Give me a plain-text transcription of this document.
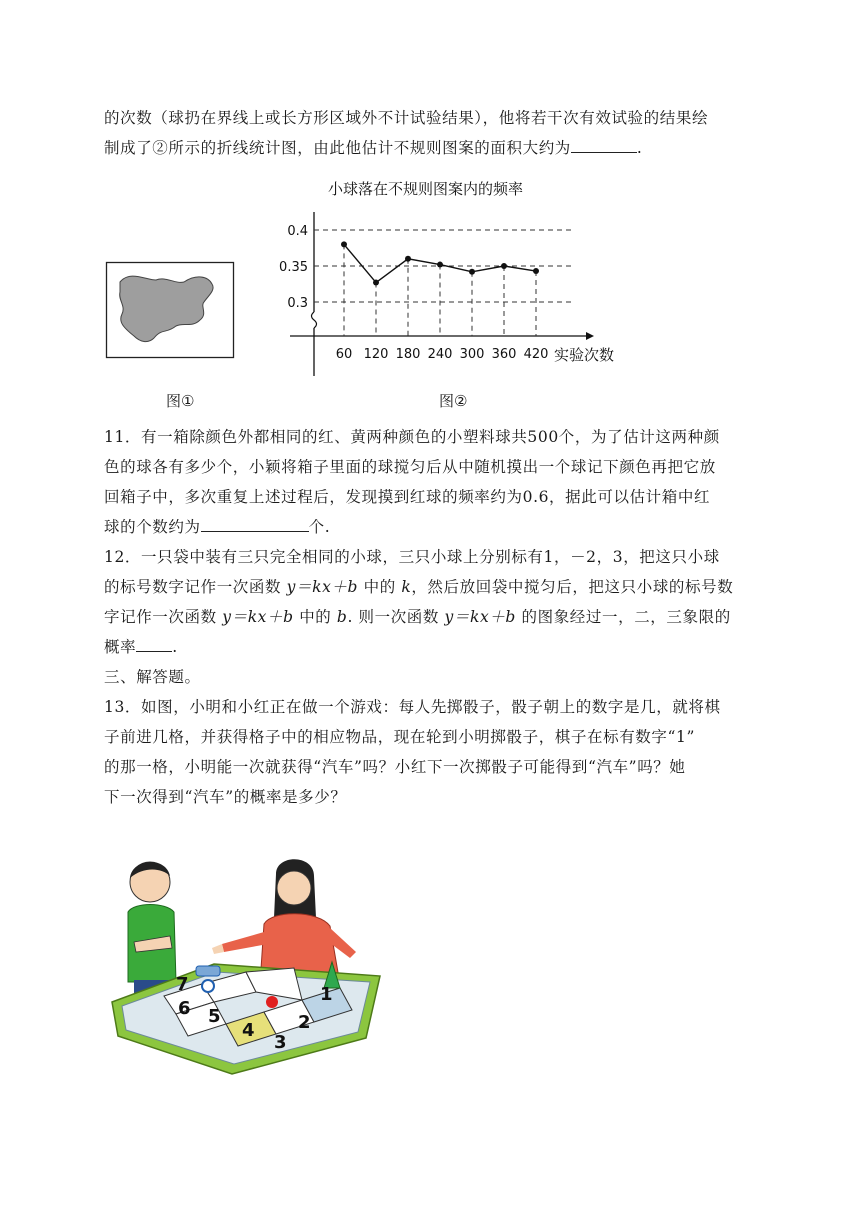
的次数（球扔在界线上或长方形区域外不计试验结果），他将若干次有效试验的结果绘
制成了②所示的折线统计图，由此他估计不规则图案的面积大约为	.
图①
小球落在不规则图案内的频率
0.4
0.35
0.3
60 120 180 240 300 360 420 实验次数
图②
11．有一箱除颜色外都相同的红、黄两种颜色的小塑料球共500个，为了估计这两种颜
色的球各有多少个，小颖将箱子里面的球搅匀后从中随机摸出一个球记下颜色再把它放
回箱子中，多次重复上述过程后，发现摸到红球的频率约为0.6，据此可以估计箱中红
球的个数约为	个.
12．一只袋中装有三只完全相同的小球，三只小球上分别标有1，－2，3，把这只小球
的标号数字记作一次函数 y＝kx＋b 中的 k，然后放回袋中搅匀后，把这只小球的标号数
字记作一次函数 y＝kx＋b 中的 b. 则一次函数 y＝kx＋b 的图象经过一，二，三象限的
概率 .
三、解答题。
13．如图，小明和小红正在做一个游戏：每人先掷骰子，骰子朝上的数字是几，就将棋
子前进几格，并获得格子中的相应物品，现在轮到小明掷骰子，棋子在标有数字“1”
的那一格，小明能一次就获得“汽车”吗？小红下一次掷骰子可能得到“汽车”吗？她
下一次得到“汽车”的概率是多少？
1
2
3
4
5
6
7
